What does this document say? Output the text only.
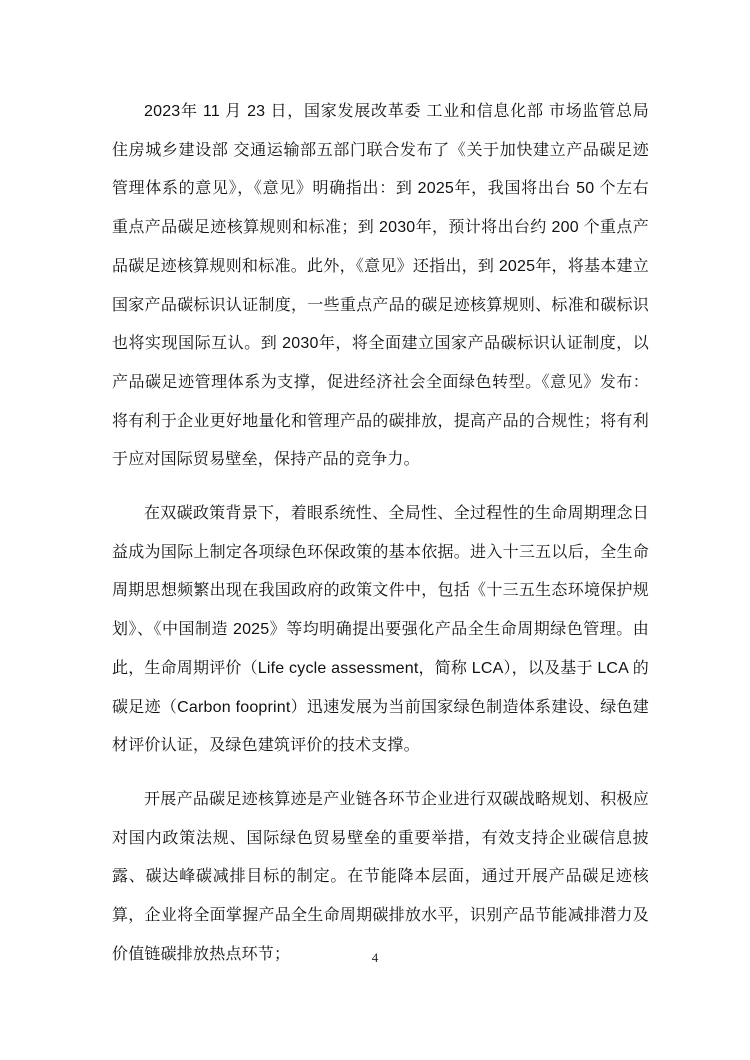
2023年 11 月 23 日，国家发展改革委 工业和信息化部 市场监管总局 住房城乡建设部 交通运输部五部门联合发布了《关于加快建立产品碳足迹管理体系的意见》，《意见》明确指出：到 2025年，我国将出台 50 个左右重点产品碳足迹核算规则和标准；到 2030年，预计将出台约 200 个重点产品碳足迹核算规则和标准。此外，《意见》还指出，到 2025年，将基本建立国家产品碳标识认证制度，一些重点产品的碳足迹核算规则、标准和碳标识也将实现国际互认。到 2030年，将全面建立国家产品碳标识认证制度，以产品碳足迹管理体系为支撑，促进经济社会全面绿色转型。《意见》发布：将有利于企业更好地量化和管理产品的碳排放，提高产品的合规性；将有利于应对国际贸易壁垒，保持产品的竞争力。

在双碳政策背景下，着眼系统性、全局性、全过程性的生命周期理念日益成为国际上制定各项绿色环保政策的基本依据。进入十三五以后，全生命周期思想频繁出现在我国政府的政策文件中，包括《十三五生态环境保护规划》、《中国制造 2025》等均明确提出要强化产品全生命周期绿色管理。由此，生命周期评价（Life cycle assessment，简称 LCA），以及基于 LCA 的碳足迹（Carbon fooprint）迅速发展为当前国家绿色制造体系建设、绿色建材评价认证，及绿色建筑评价的技术支撑。

开展产品碳足迹核算迹是产业链各环节企业进行双碳战略规划、积极应对国内政策法规、国际绿色贸易壁垒的重要举措，有效支持企业碳信息披露、碳达峰碳减排目标的制定。在节能降本层面，通过开展产品碳足迹核算，企业将全面掌握产品全生命周期碳排放水平，识别产品节能减排潜力及价值链碳排放热点环节；	4
